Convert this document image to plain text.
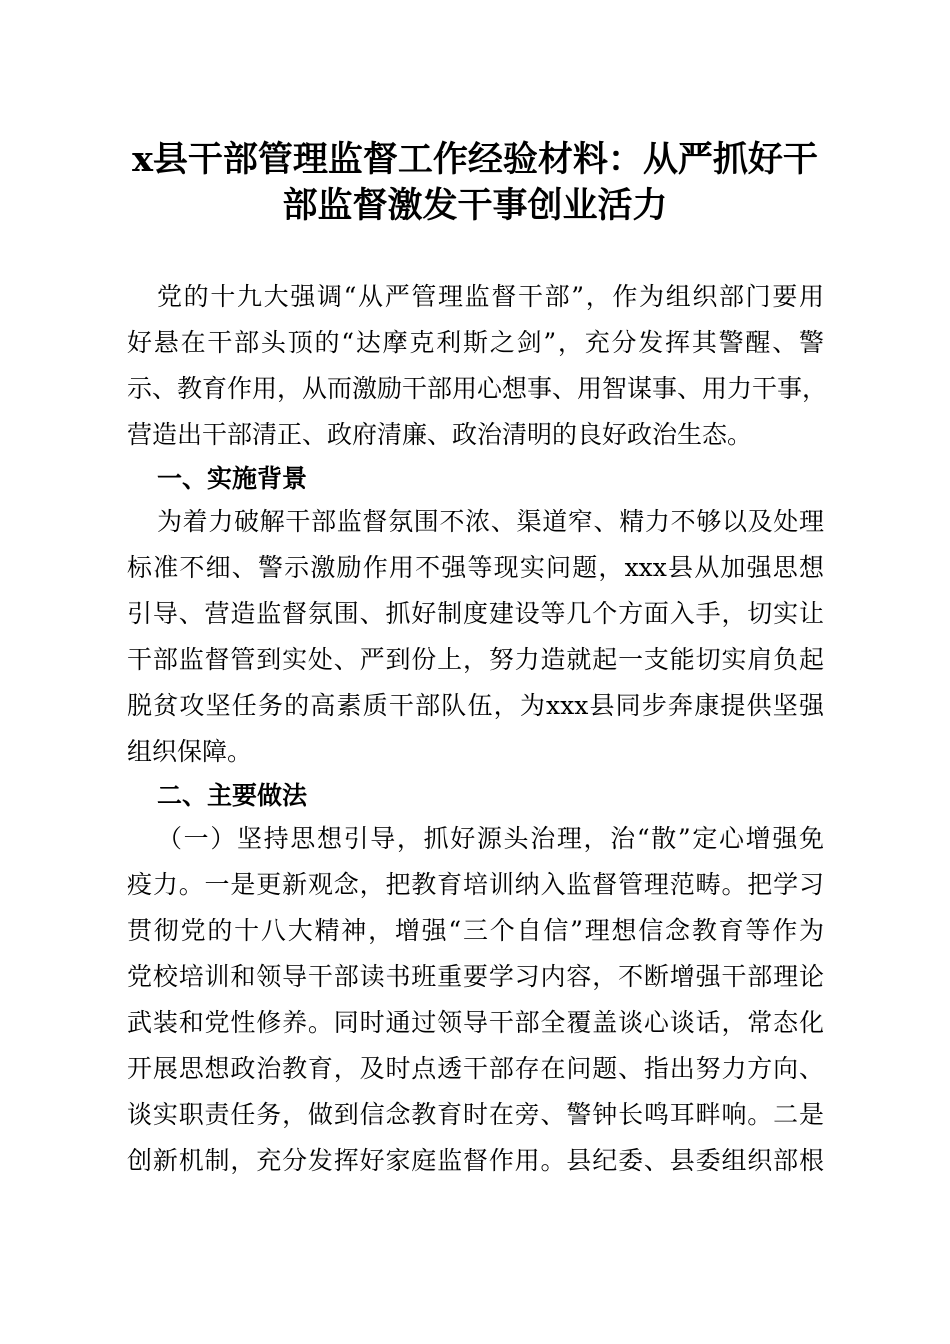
x县干部管理监督工作经验材料：从严抓好干
部监督激发干事创业活力
党的十九大强调“从严管理监督干部”，作为组织部门要用
好悬在干部头顶的“达摩克利斯之剑”，充分发挥其警醒、警
示、教育作用，从而激励干部用心想事、用智谋事、用力干事，
营造出干部清正、政府清廉、政治清明的良好政治生态。
一、实施背景
为着力破解干部监督氛围不浓、渠道窄、精力不够以及处理
标准不细、警示激励作用不强等现实问题，xxx县从加强思想
引导、营造监督氛围、抓好制度建设等几个方面入手，切实让
干部监督管到实处、严到份上，努力造就起一支能切实肩负起
脱贫攻坚任务的高素质干部队伍，为xxx县同步奔康提供坚强
组织保障。
二、主要做法
（一）坚持思想引导，抓好源头治理，治“散”定心增强免
疫力。一是更新观念，把教育培训纳入监督管理范畴。把学习
贯彻党的十八大精神，增强“三个自信”理想信念教育等作为
党校培训和领导干部读书班重要学习内容，不断增强干部理论
武装和党性修养。同时通过领导干部全覆盖谈心谈话，常态化
开展思想政治教育，及时点透干部存在问题、指出努力方向、
谈实职责任务，做到信念教育时在旁、警钟长鸣耳畔响。二是
创新机制，充分发挥好家庭监督作用。县纪委、县委组织部根
